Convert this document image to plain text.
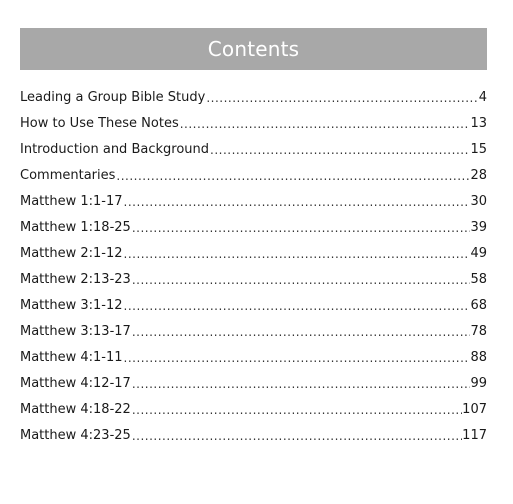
Contents
Leading a Group Bible Study .....	4
How to Use These Notes .....	13
Introduction and Background .....	15
Commentaries .....	28
Matthew 1:1-17 .....	30
Matthew 1:18-25 .....	39
Matthew 2:1-12 .....	49
Matthew 2:13-23 .....	58
Matthew 3:1-12 .....	68
Matthew 3:13-17 .....	78
Matthew 4:1-11 .....	88
Matthew 4:12-17 .....	99
Matthew 4:18-22 .....	107
Matthew 4:23-25 .....	117
